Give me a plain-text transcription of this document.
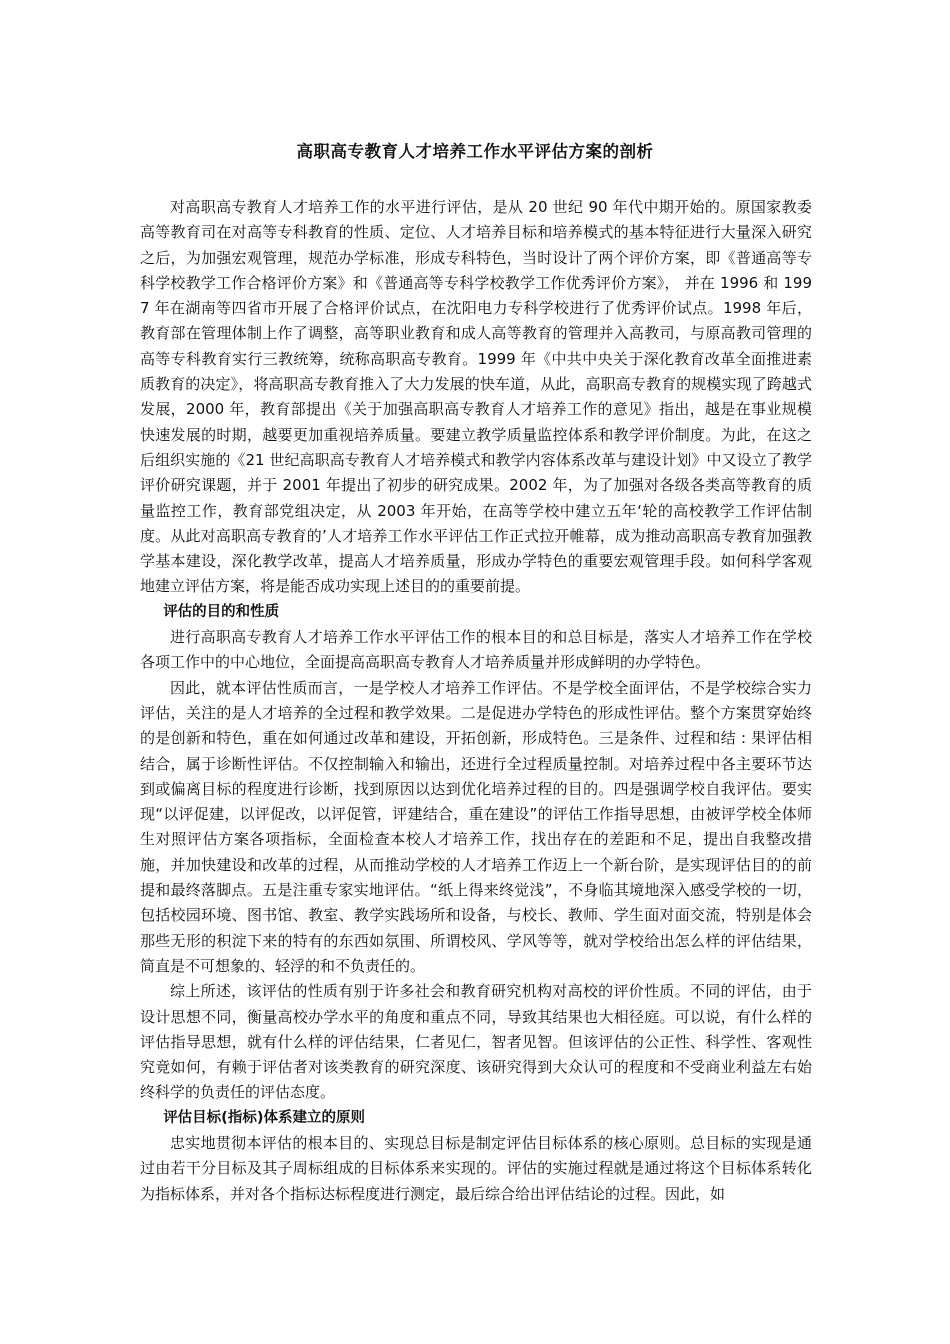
高职高专教育人才培养工作水平评估方案的剖析

对高职高专教育人才培养工作的水平进行评估，是从 20 世纪 90 年代中期开始的。原国家教委高等教育司在对高等专科教育的性质、定位、人才培养目标和培养模式的基本特征进行大量深入研究之后，为加强宏观管理，规范办学标准，形成专科特色，当时设计了两个评价方案，即《普通高等专科学校教学工作合格评价方案》和《普通高等专科学校教学工作优秀评价方案》， 并在 1996 和 1997 年在湖南等四省市开展了合格评价试点，在沈阳电力专科学校进行了优秀评价试点。1998 年后，教育部在管理体制上作了调整，高等职业教育和成人高等教育的管理并入高教司，与原高教司管理的高等专科教育实行三教统筹，统称高职高专教育。1999 年《中共中央关于深化教育改革全面推进素质教育的决定》，将高职高专教育推入了大力发展的快车道，从此，高职高专教育的规模实现了跨越式发展，2000 年，教育部提出《关于加强高职高专教育人才培养工作的意见》指出，越是在事业规模快速发展的时期，越要更加重视培养质量。要建立教学质量监控体系和教学评价制度。为此，在这之后组织实施的《21 世纪高职高专教育人才培养模式和教学内容体系改革与建设计划》中又设立了教学评价研究课题，并于 2001 年提出了初步的研究成果。2002 年，为了加强对各级各类高等教育的质量监控工作，教育部党组决定，从 2003 年开始，在高等学校中建立五年‘轮的高校教学工作评估制度。从此对高职高专教育的’人才培养工作水平评估工作正式拉开帷幕，成为推动高职高专教育加强教学基本建设，深化教学改革，提高人才培养质量，形成办学特色的重要宏观管理手段。如何科学客观地建立评估方案，将是能否成功实现上述目的的重要前提。

评估的目的和性质

进行高职高专教育人才培养工作水平评估工作的根本目的和总目标是，落实人才培养工作在学校各项工作中的中心地位，全面提高高职高专教育人才培养质量并形成鲜明的办学特色。

因此，就本评估性质而言，一是学校人才培养工作评估。不是学校全面评估，不是学校综合实力评估，关注的是人才培养的全过程和教学效果。二是促进办学特色的形成性评估。整个方案贯穿始终的是创新和特色，重在如何通过改革和建设，开拓创新，形成特色。三是条件、过程和结 : 果评估相结合，属于诊断性评估。不仅控制输入和输出，还进行全过程质量控制。对培养过程中各主要环节达到或偏离目标的程度进行诊断，找到原因以达到优化培养过程的目的。四是强调学校自我评估。要实现“以评促建，以评促改，以评促管，评建结合，重在建设”的评估工作指导思想，由被评学校全体师生对照评估方案各项指标，全面检查本校人才培养工作，找出存在的差距和不足，提出自我整改措施，并加快建设和改革的过程，从而推动学校的人才培养工作迈上一个新台阶，是实现评估目的的前提和最终落脚点。五是注重专家实地评估。“纸上得来终觉浅”，不身临其境地深入感受学校的一切，包括校园环境、图书馆、教室、教学实践场所和设备，与校长、教师、学生面对面交流，特别是体会那些无形的积淀下来的特有的东西如氛围、所谓校风、学风等等，就对学校给出怎么样的评估结果，简直是不可想象的、轻浮的和不负责任的。

综上所述，该评估的性质有别于许多社会和教育研究机构对高校的评价性质。不同的评估，由于设计思想不同，衡量高校办学水平的角度和重点不同，导致其结果也大相径庭。可以说，有什么样的评估指导思想，就有什么样的评估结果，仁者见仁，智者见智。但该评估的公正性、科学性、客观性究竟如何，有赖于评估者对该类教育的研究深度、该研究得到大众认可的程度和不受商业利益左右始终科学的负责任的评估态度。

评估目标(指标)体系建立的原则

忠实地贯彻本评估的根本目的、实现总目标是制定评估目标体系的核心原则。总目标的实现是通过由若干分目标及其子周标组成的目标体系来实现的。评估的实施过程就是通过将这个目标体系转化为指标体系，并对各个指标达标程度进行测定，最后综合给出评估结论的过程。因此，如
